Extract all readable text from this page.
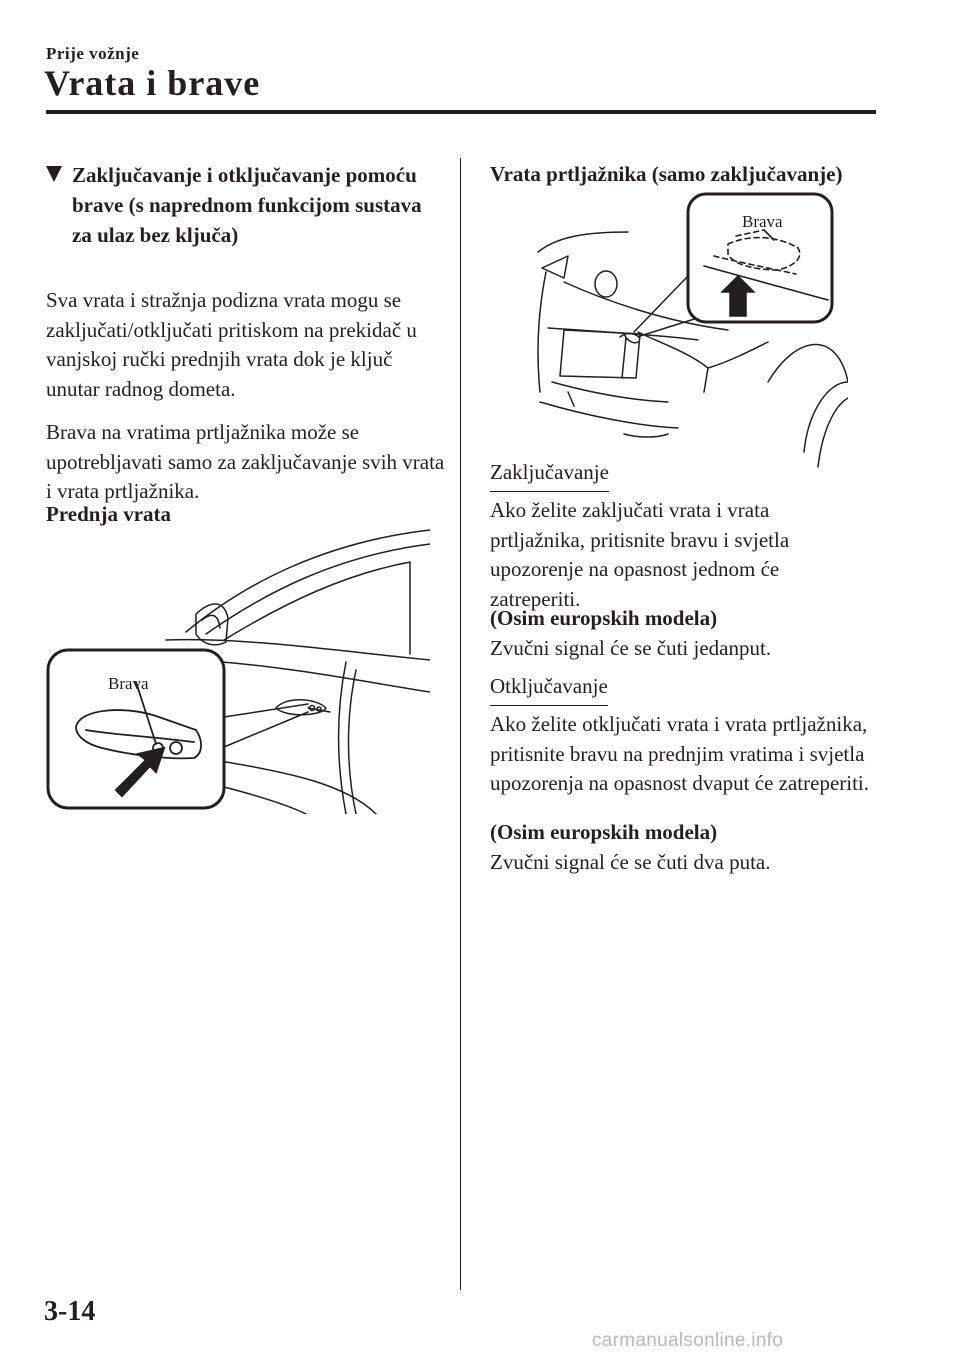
Prije vožnje
Vrata i brave
Zaključavanje i otključavanje pomoću brave (s naprednom funkcijom sustava za ulaz bez ključa)
Sva vrata i stražnja podizna vrata mogu se zaključati/otključati pritiskom na prekidač u vanjskoj ručki prednjih vrata dok je ključ unutar radnog dometa.
Brava na vratima prtljažnika može se upotrebljavati samo za zaključavanje svih vrata i vrata prtljažnika.
Prednja vrata
Brava
Vrata prtljažnika (samo zaključavanje)
Brava
Zaključavanje
Ako želite zaključati vrata i vrata prtljažnika, pritisnite bravu i svjetla upozorenje na opasnost jednom će zatreperiti.
(Osim europskih modela)
Zvučni signal će se čuti jedanput.
Otključavanje
Ako želite otključati vrata i vrata prtljažnika, pritisnite bravu na prednjim vratima i svjetla upozorenja na opasnost dvaput će zatreperiti.
(Osim europskih modela)
Zvučni signal će se čuti dva puta.
3-14
carmanualsonline.info
